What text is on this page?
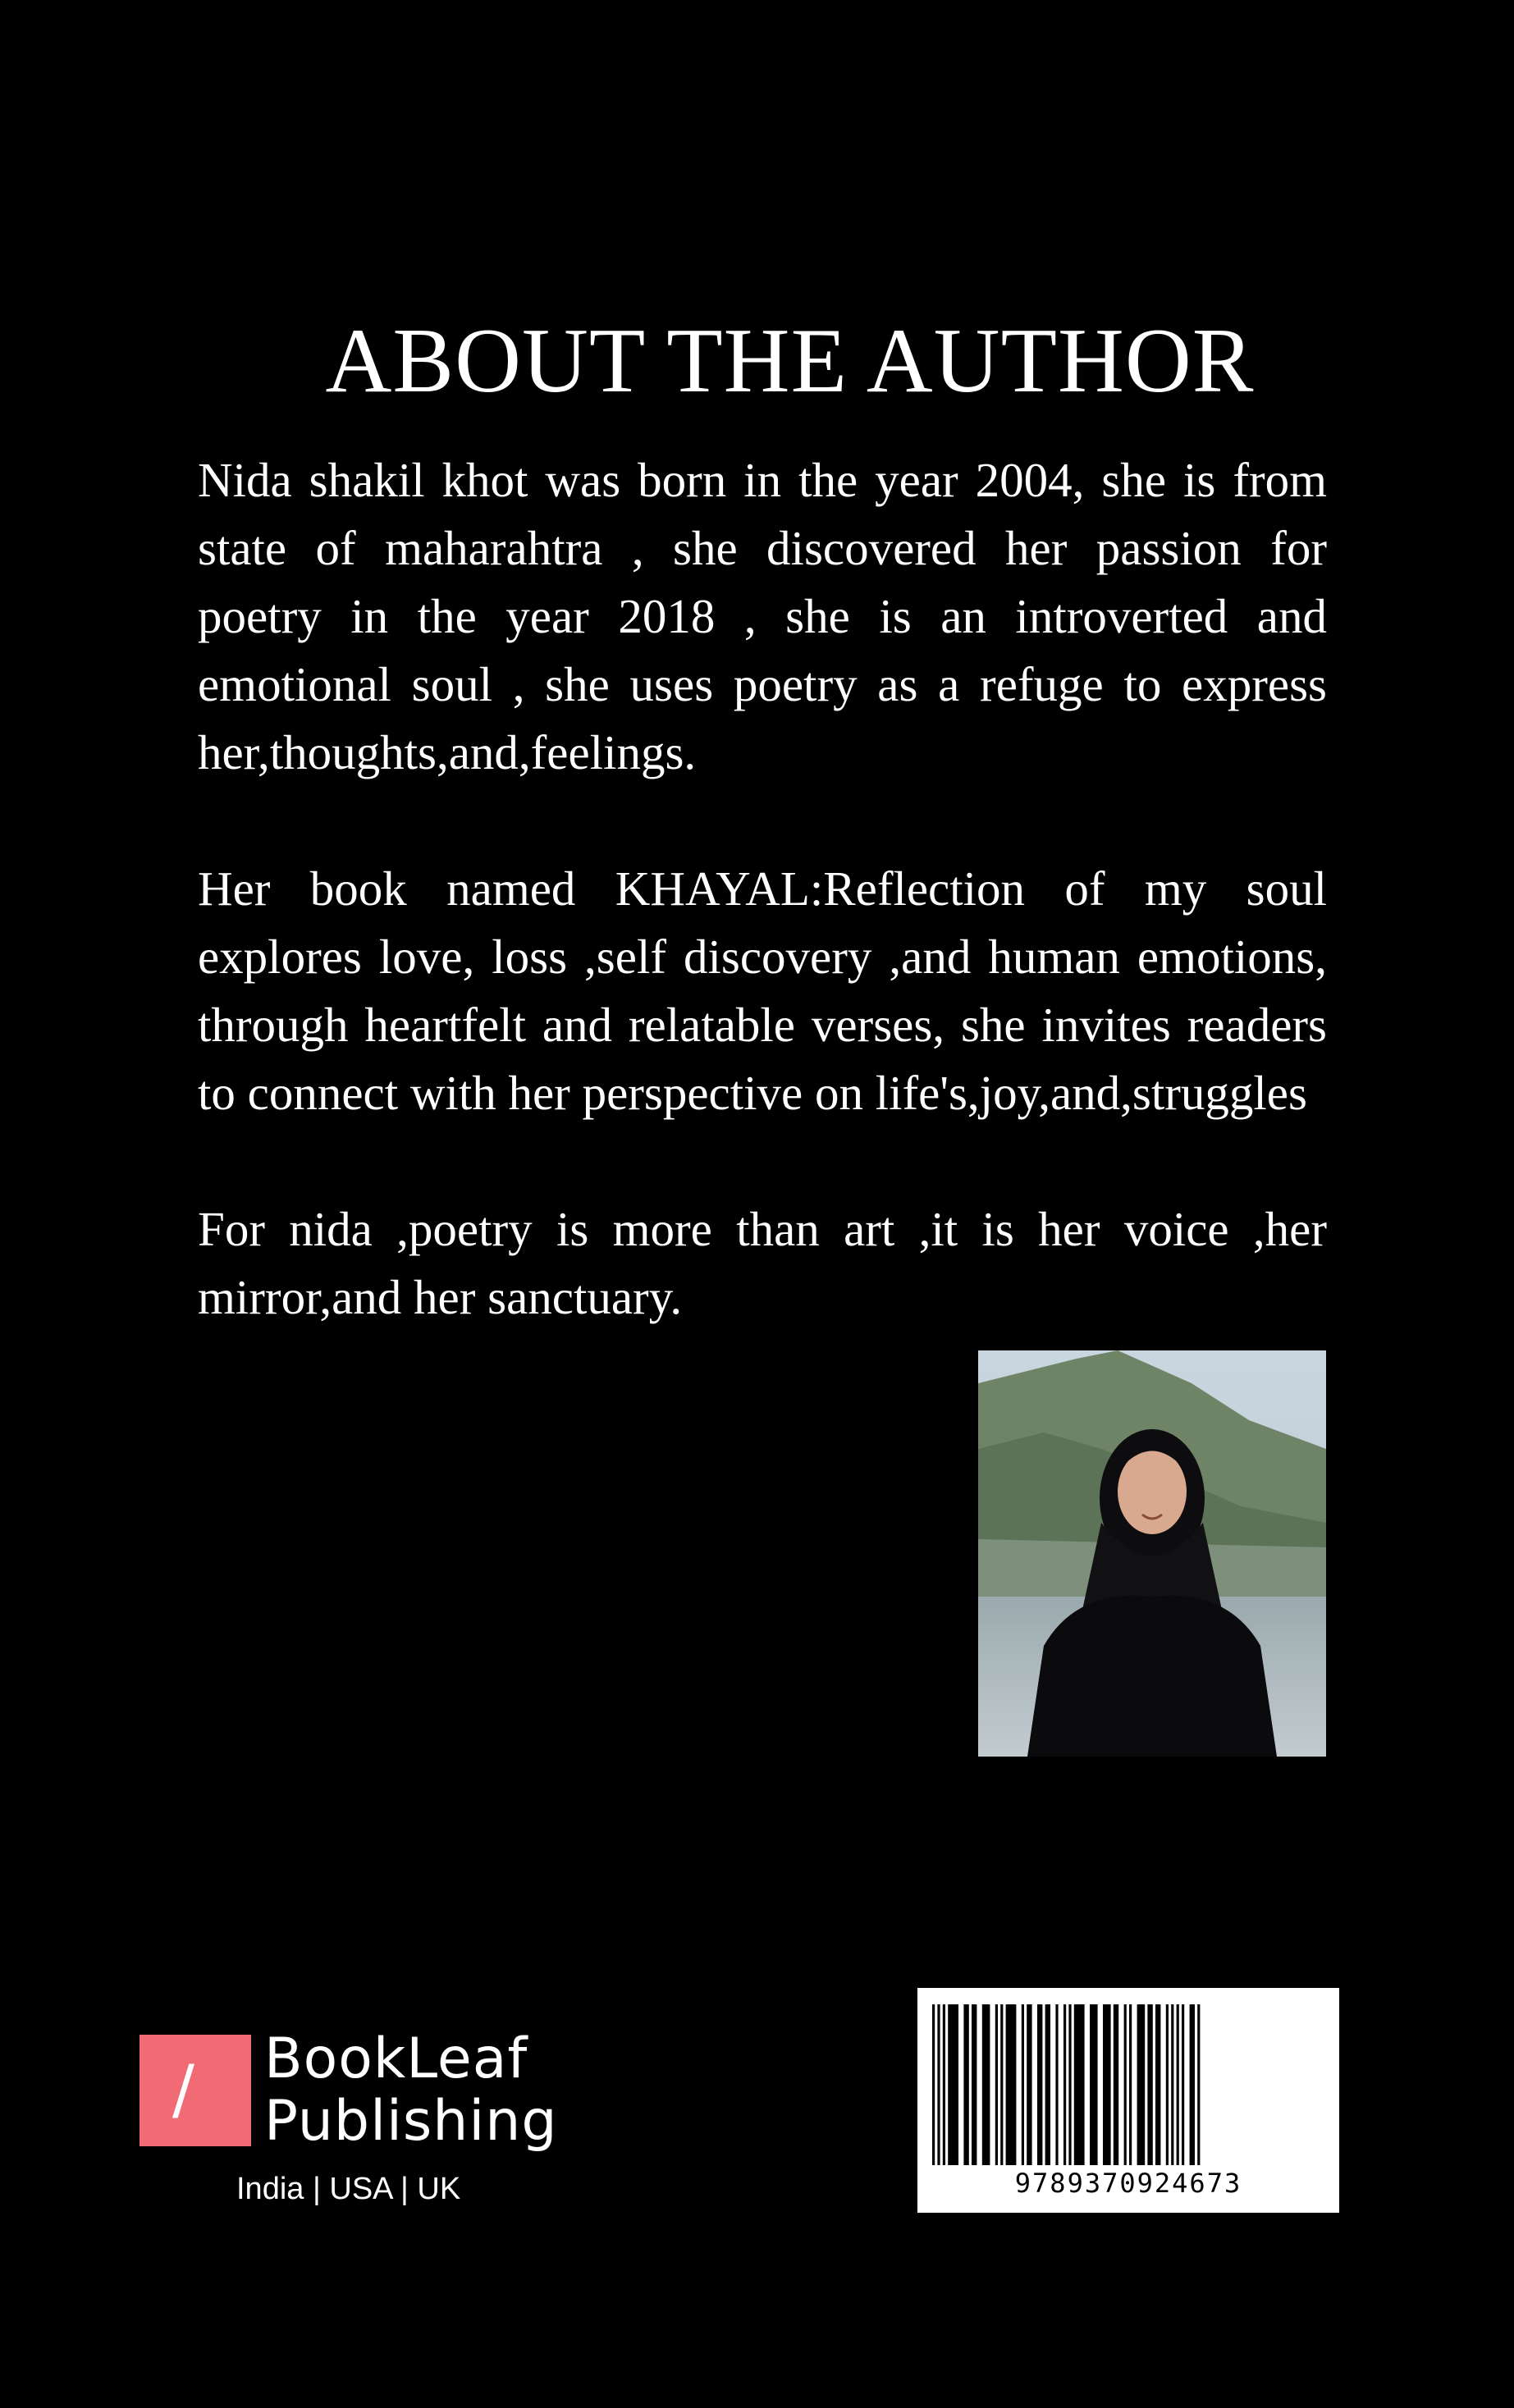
ABOUT THE AUTHOR

Nida shakil khot was born in the year 2004, she is from state of maharahtra , she discovered her passion for poetry in the year 2018 , she is an introverted and emotional soul , she uses poetry as a refuge to express her,thoughts,and,feelings.

Her book named KHAYAL:Reflection of my soul explores love, loss ,self discovery ,and human emotions, through heartfelt and relatable verses, she invites readers to connect with her perspective on life's,joy,and,struggles

For nida ,poetry is more than art ,it is her voice ,her mirror,and her sanctuary.

/ BookLeaf
Publishing
India | USA | UK	9789370924673
